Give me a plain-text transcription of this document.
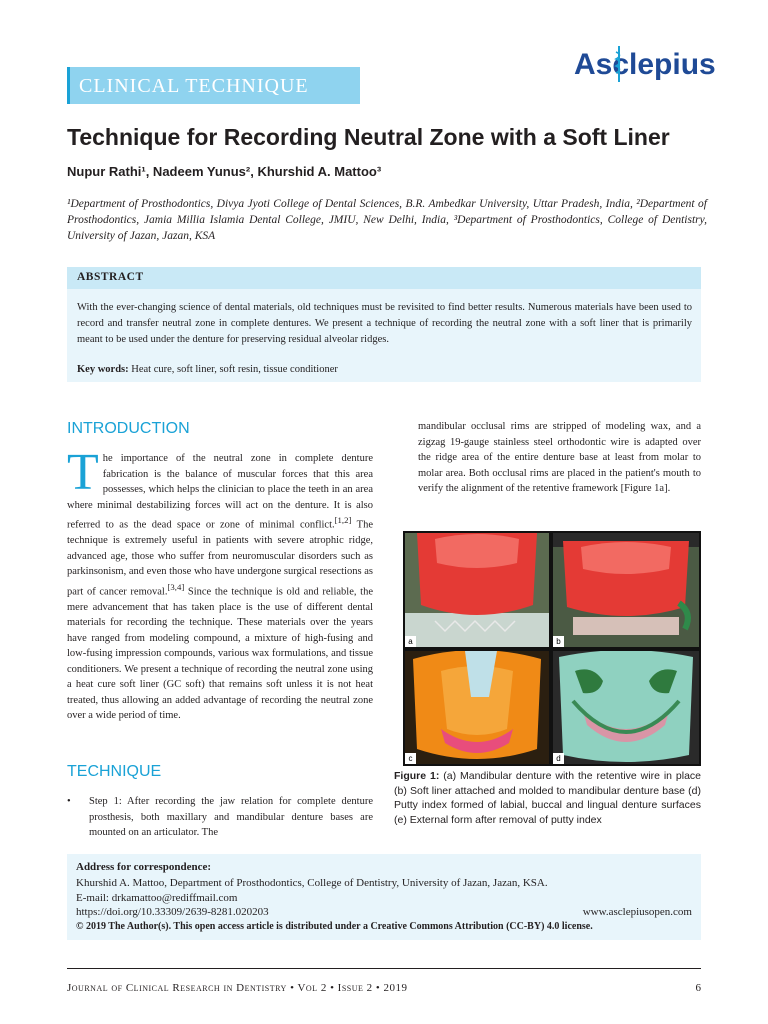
CLINICAL TECHNIQUE
Asclepius
Technique for Recording Neutral Zone with a Soft Liner
Nupur Rathi¹, Nadeem Yunus², Khurshid A. Mattoo³
¹Department of Prosthodontics, Divya Jyoti College of Dental Sciences, B.R. Ambedkar University, Uttar Pradesh, India, ²Department of Prosthodontics, Jamia Millia Islamia Dental College, JMIU, New Delhi, India, ³Department of Prosthodontics, College of Dentistry, University of Jazan, Jazan, KSA
ABSTRACT
With the ever-changing science of dental materials, old techniques must be revisited to find better results. Numerous materials have been used to record and transfer neutral zone in complete dentures. We present a technique of recording the neutral zone with a soft liner that is primarily meant to be used under the denture for preserving residual alveolar ridges.
Key words: Heat cure, soft liner, soft resin, tissue conditioner
INTRODUCTION
The importance of the neutral zone in complete denture fabrication is the balance of muscular forces that this area possesses, which helps the clinician to place the teeth in an area where minimal destabilizing forces will act on the denture. It is also referred to as the dead space or zone of minimal conflict.[1,2] The technique is extremely useful in patients with severe atrophic ridge, advanced age, those who suffer from neuromuscular disorders such as parkinsonism, and even those who have undergone surgical resections as part of cancer removal.[3,4] Since the technique is old and reliable, the mere advancement that has taken place is the use of different dental materials for recording the technique. These materials over the years have ranged from modeling compound, a mixture of high-fusing and low-fusing impression compounds, various wax formulations, and tissue conditioners. We present a technique of recording the neutral zone using a heat cure soft liner (GC soft) that remains soft unless it is not heat treated, thus allowing an added advantage of recording the neutral zone over a wide period of time.
TECHNIQUE
• Step 1: After recording the jaw relation for complete denture prosthesis, both maxillary and mandibular denture bases are mounted on an articulator. The
mandibular occlusal rims are stripped of modeling wax, and a zigzag 19-gauge stainless steel orthodontic wire is adapted over the ridge area of the entire denture base at least from molar to molar area. Both occlusal rims are placed in the patient's mouth to verify the alignment of the retentive framework [Figure 1a].
a	b
c	d
Figure 1: (a) Mandibular denture with the retentive wire in place (b) Soft liner attached and molded to mandibular denture base (d) Putty index formed of labial, buccal and lingual denture surfaces (e) External form after removal of putty index
Address for correspondence:
Khurshid A. Mattoo, Department of Prosthodontics, College of Dentistry, University of Jazan, Jazan, KSA.
E-mail: drkamattoo@rediffmail.com
https://doi.org/10.33309/2639-8281.020203	www.asclepiusopen.com
© 2019 The Author(s). This open access article is distributed under a Creative Commons Attribution (CC-BY) 4.0 license.
Journal of Clinical Research in Dentistry • Vol 2 • Issue 2 • 2019	6
